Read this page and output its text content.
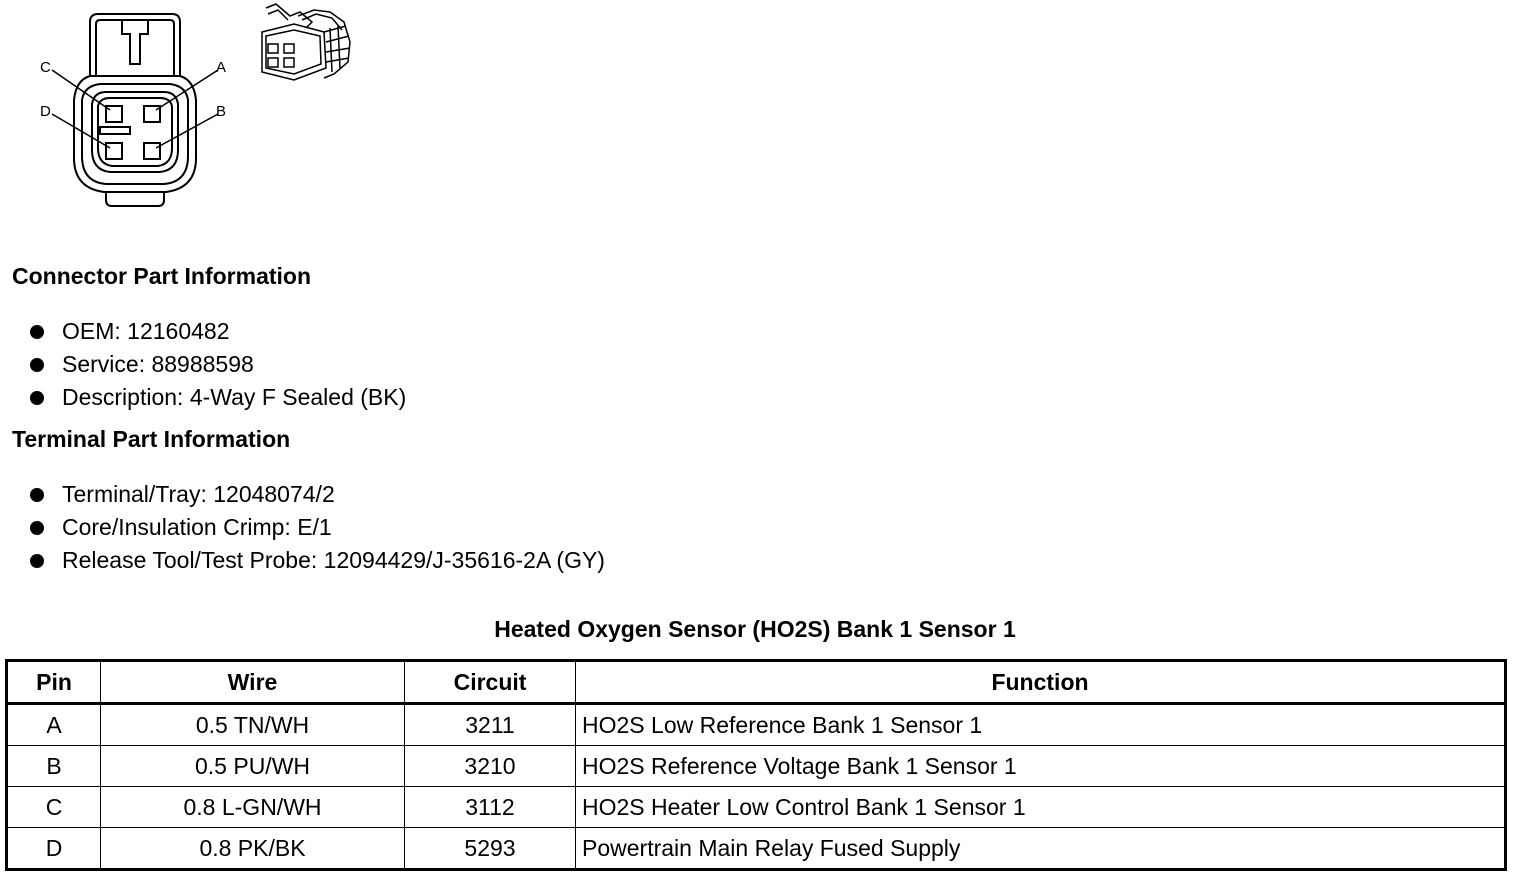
C	A
D	B
Connector Part Information
OEM: 12160482
Service: 88988598
Description: 4-Way F Sealed (BK)
Terminal Part Information
Terminal/Tray: 12048074/2
Core/Insulation Crimp: E/1
Release Tool/Test Probe: 12094429/J-35616-2A (GY)
Heated Oxygen Sensor (HO2S) Bank 1 Sensor 1
Pin	Wire	Circuit	Function
A	0.5 TN/WH	3211	HO2S Low Reference Bank 1 Sensor 1
B	0.5 PU/WH	3210	HO2S Reference Voltage Bank 1 Sensor 1
C	0.8 L-GN/WH	3112	HO2S Heater Low Control Bank 1 Sensor 1
D	0.8 PK/BK	5293	Powertrain Main Relay Fused Supply
